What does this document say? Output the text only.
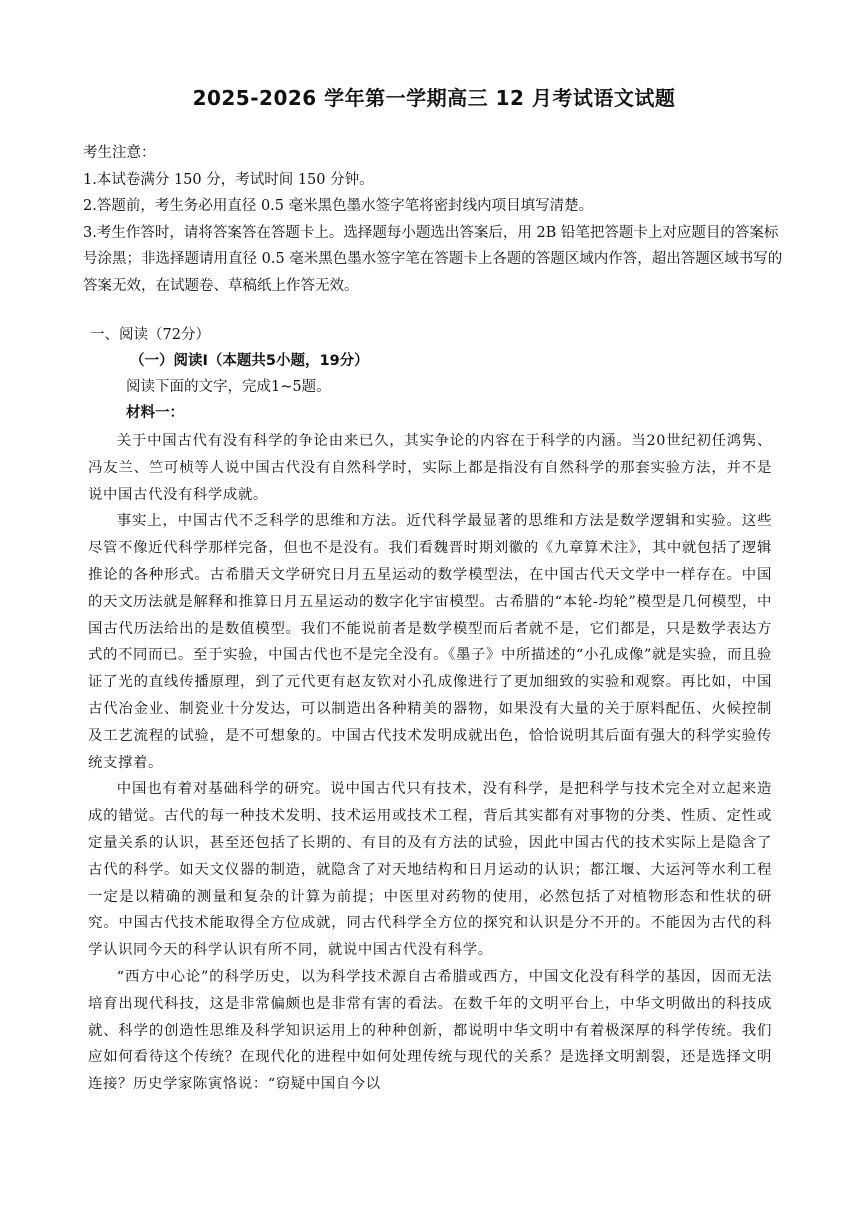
2025-2026 学年第一学期高三 12 月考试语文试题

考生注意：

1.本试卷满分 150 分，考试时间 150 分钟。

2.答题前，考生务必用直径 0.5 毫米黑色墨水签字笔将密封线内项目填写清楚。

3.考生作答时，请将答案答在答题卡上。选择题每小题选出答案后，用 2B 铅笔把答题卡上对应题目的答案标号涂黑；非选择题请用直径 0.5 毫米黑色墨水签字笔在答题卡上各题的答题区域内作答，超出答题区域书写的答案无效，在试题卷、草稿纸上作答无效。

一、阅读（72分）

（一）阅读Ⅰ（本题共5小题，19分）

阅读下面的文字，完成1~5题。

材料一：

关于中国古代有没有科学的争论由来已久，其实争论的内容在于科学的内涵。当20世纪初任鸿隽、冯友兰、竺可桢等人说中国古代没有自然科学时，实际上都是指没有自然科学的那套实验方法，并不是说中国古代没有科学成就。

事实上，中国古代不乏科学的思维和方法。近代科学最显著的思维和方法是数学逻辑和实验。这些尽管不像近代科学那样完备，但也不是没有。我们看魏晋时期刘徽的《九章算术注》，其中就包括了逻辑推论的各种形式。古希腊天文学研究日月五星运动的数学模型法，在中国古代天文学中一样存在。中国的天文历法就是解释和推算日月五星运动的数字化宇宙模型。古希腊的“本轮-均轮”模型是几何模型，中国古代历法给出的是数值模型。我们不能说前者是数学模型而后者就不是，它们都是，只是数学表达方式的不同而已。至于实验，中国古代也不是完全没有。《墨子》中所描述的“小孔成像”就是实验，而且验证了光的直线传播原理，到了元代更有赵友钦对小孔成像进行了更加细致的实验和观察。再比如，中国古代冶金业、制瓷业十分发达，可以制造出各种精美的器物，如果没有大量的关于原料配伍、火候控制及工艺流程的试验，是不可想象的。中国古代技术发明成就出色，恰恰说明其后面有强大的科学实验传统支撑着。

中国也有着对基础科学的研究。说中国古代只有技术，没有科学，是把科学与技术完全对立起来造成的错觉。古代的每一种技术发明、技术运用或技术工程，背后其实都有对事物的分类、性质、定性或定量关系的认识，甚至还包括了长期的、有目的及有方法的试验，因此中国古代的技术实际上是隐含了古代的科学。如天文仪器的制造，就隐含了对天地结构和日月运动的认识；都江堰、大运河等水利工程一定是以精确的测量和复杂的计算为前提；中医里对药物的使用，必然包括了对植物形态和性状的研究。中国古代技术能取得全方位成就，同古代科学全方位的探究和认识是分不开的。不能因为古代的科学认识同今天的科学认识有所不同，就说中国古代没有科学。

“西方中心论”的科学历史，以为科学技术源自古希腊或西方，中国文化没有科学的基因，因而无法培育出现代科技，这是非常偏颇也是非常有害的看法。在数千年的文明平台上，中华文明做出的科技成就、科学的创造性思维及科学知识运用上的种种创新，都说明中华文明中有着极深厚的科学传统。我们应如何看待这个传统？在现代化的进程中如何处理传统与现代的关系？是选择文明割裂，还是选择文明连接？历史学家陈寅恪说：“窃疑中国自今以
